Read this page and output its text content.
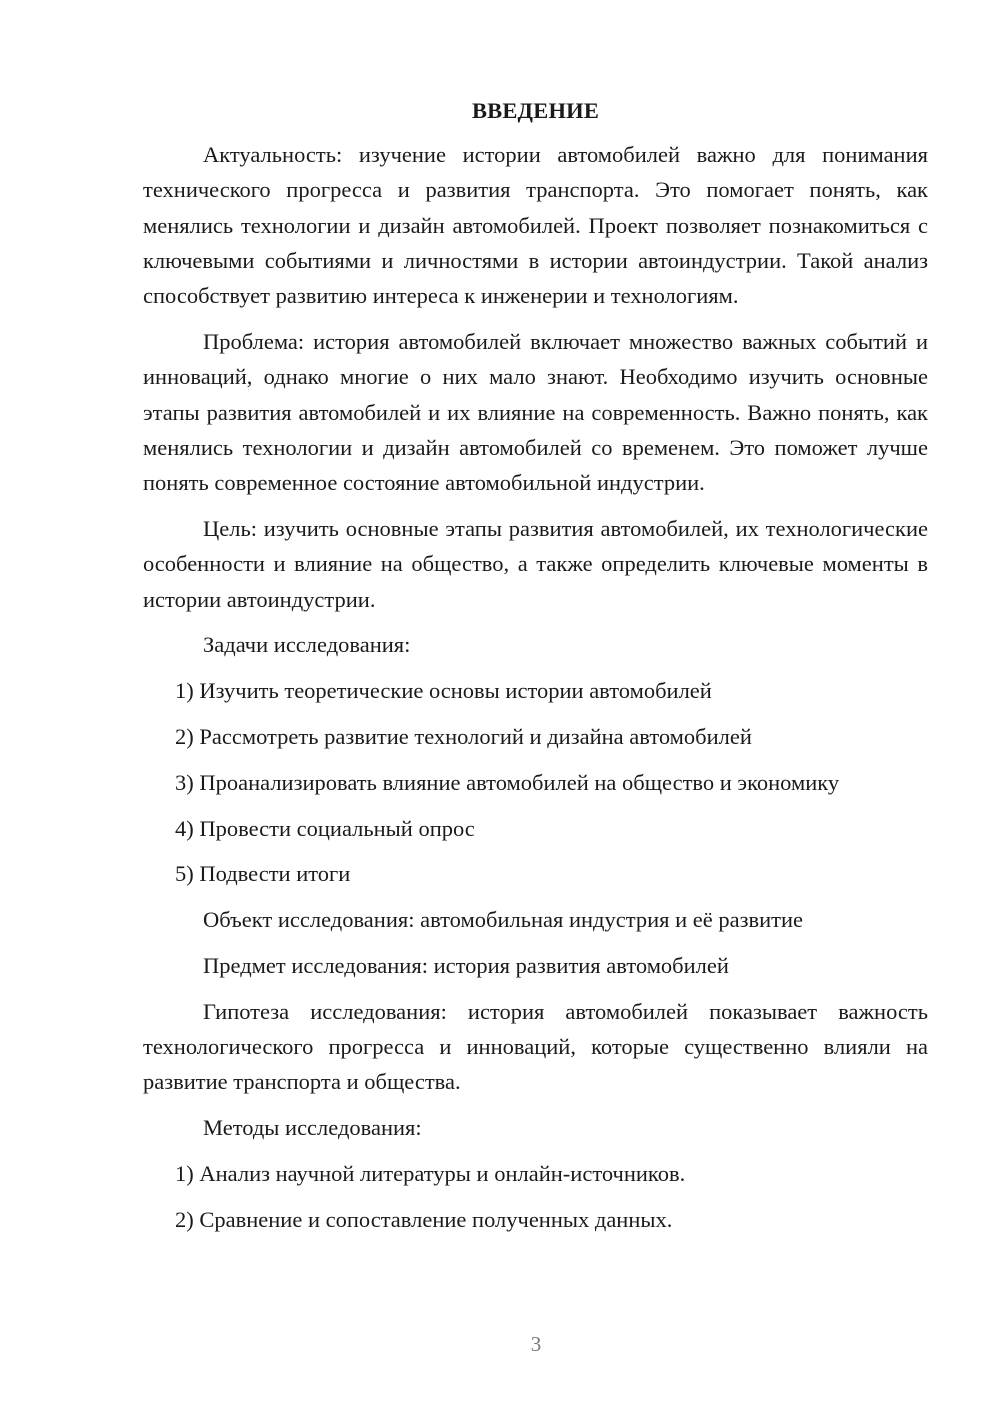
ВВЕДЕНИЕ

Актуальность: изучение истории автомобилей важно для понимания технического прогресса и развития транспорта. Это помогает понять, как менялись технологии и дизайн автомобилей. Проект позволяет познакомиться с ключевыми событиями и личностями в истории автоиндустрии. Такой анализ способствует развитию интереса к инженерии и технологиям.

Проблема: история автомобилей включает множество важных событий и инноваций, однако многие о них мало знают. Необходимо изучить основные этапы развития автомобилей и их влияние на современность. Важно понять, как менялись технологии и дизайн автомобилей со временем. Это поможет лучше понять современное состояние автомобильной индустрии.

Цель: изучить основные этапы развития автомобилей, их технологические особенности и влияние на общество, а также определить ключевые моменты в истории автоиндустрии.

Задачи исследования:
1) Изучить теоретические основы истории автомобилей
2) Рассмотреть развитие технологий и дизайна автомобилей
3) Проанализировать влияние автомобилей на общество и экономику
4) Провести социальный опрос
5) Подвести итоги
Объект исследования: автомобильная индустрия и её развитие
Предмет исследования: история развития автомобилей

Гипотеза исследования: история автомобилей показывает важность технологического прогресса и инноваций, которые существенно влияли на развитие транспорта и общества.

Методы исследования:
1) Анализ научной литературы и онлайн-источников.
2) Сравнение и сопоставление полученных данных.
3
